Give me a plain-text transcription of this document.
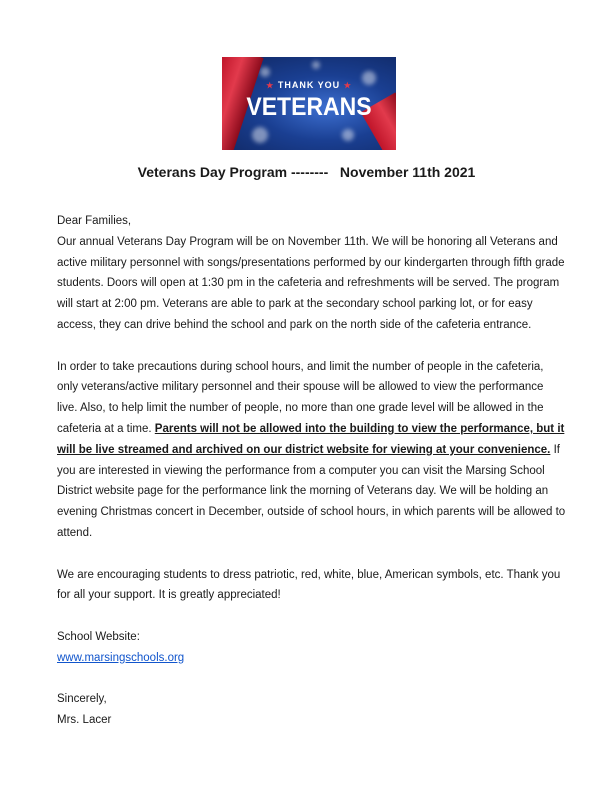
★ THANK YOU ★
VETERANS
Veterans Day Program --------   November 11th 2021

Dear Families,

Our annual Veterans Day Program will be on November 11th. We will be honoring all Veterans and active military personnel with songs/presentations performed by our kindergarten through fifth grade students. Doors will open at 1:30 pm in the cafeteria and refreshments will be served. The program will start at 2:00 pm. Veterans are able to park at the secondary school parking lot, or for easy access, they can drive behind the school and park on the north side of the cafeteria entrance.

In order to take precautions during school hours, and limit the number of people in the cafeteria, only veterans/active military personnel and their spouse will be allowed to view the performance live. Also, to help limit the number of people, no more than one grade level will be allowed in the cafeteria at a time. Parents will not be allowed into the building to view the performance, but it will be live streamed and archived on our district website for viewing at your convenience. If you are interested in viewing the performance from a computer you can visit the Marsing School District website page for the performance link the morning of Veterans day. We will be holding an evening Christmas concert in December, outside of school hours, in which parents will be allowed to attend.

We are encouraging students to dress patriotic, red, white, blue, American symbols, etc. Thank you for all your support. It is greatly appreciated!

School Website:

www.marsingschools.org

Sincerely,

Mrs. Lacer
